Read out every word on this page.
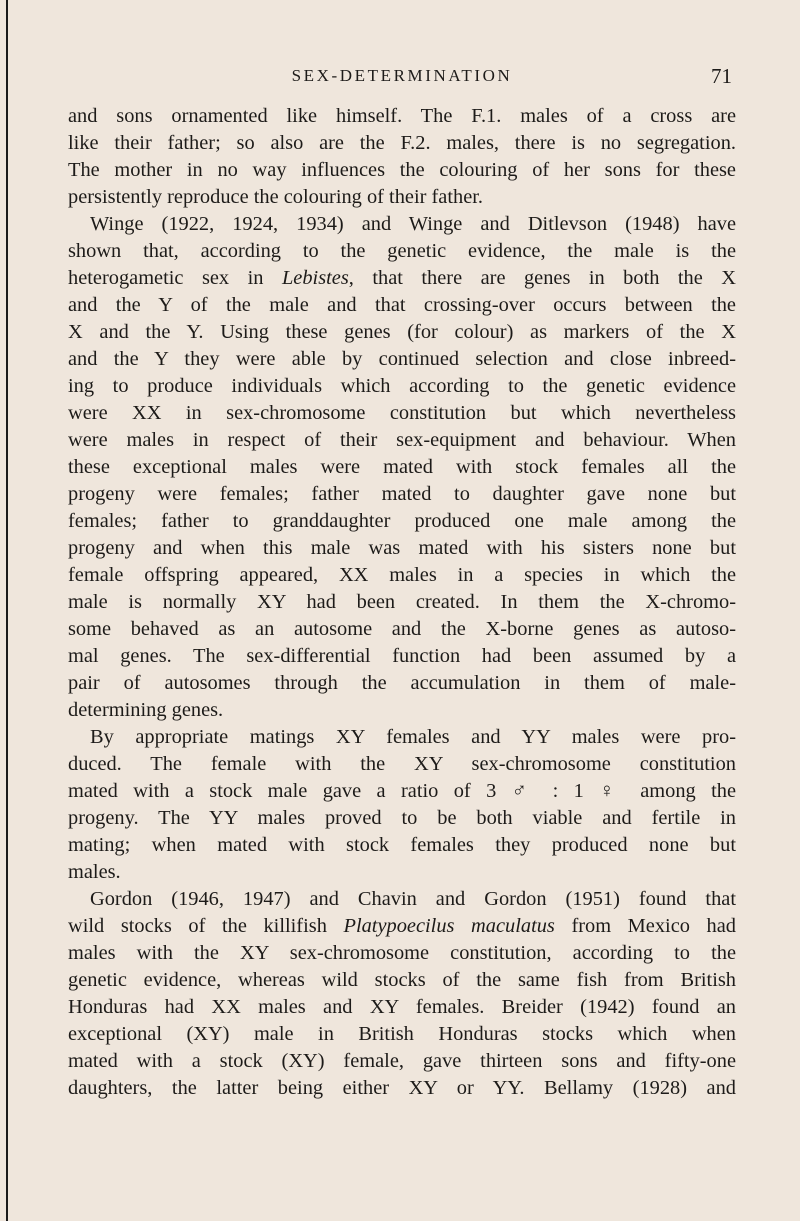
SEX-DETERMINATION	71
and sons ornamented like himself. The F.1. males of a cross are
like their father; so also are the F.2. males, there is no segregation.
The mother in no way influences the colouring of her sons for these
persistently reproduce the colouring of their father.
Winge (1922, 1924, 1934) and Winge and Ditlevson (1948) have
shown that, according to the genetic evidence, the male is the
heterogametic sex in Lebistes, that there are genes in both the X
and the Y of the male and that crossing-over occurs between the
X and the Y. Using these genes (for colour) as markers of the X
and the Y they were able by continued selection and close inbreed-
ing to produce individuals which according to the genetic evidence
were XX in sex-chromosome constitution but which nevertheless
were males in respect of their sex-equipment and behaviour. When
these exceptional males were mated with stock females all the
progeny were females; father mated to daughter gave none but
females; father to granddaughter produced one male among the
progeny and when this male was mated with his sisters none but
female offspring appeared, XX males in a species in which the
male is normally XY had been created. In them the X-chromo-
some behaved as an autosome and the X-borne genes as autoso-
mal genes. The sex-differential function had been assumed by a
pair of autosomes through the accumulation in them of male-
determining genes.
By appropriate matings XY females and YY males were pro-
duced. The female with the XY sex-chromosome constitution
mated with a stock male gave a ratio of 3 ♂ : 1 ♀ among the
progeny. The YY males proved to be both viable and fertile in
mating; when mated with stock females they produced none but
males.
Gordon (1946, 1947) and Chavin and Gordon (1951) found that
wild stocks of the killifish Platypoecilus maculatus from Mexico had
males with the XY sex-chromosome constitution, according to the
genetic evidence, whereas wild stocks of the same fish from British
Honduras had XX males and XY females. Breider (1942) found an
exceptional (XY) male in British Honduras stocks which when
mated with a stock (XY) female, gave thirteen sons and fifty-one
daughters, the latter being either XY or YY. Bellamy (1928) and
